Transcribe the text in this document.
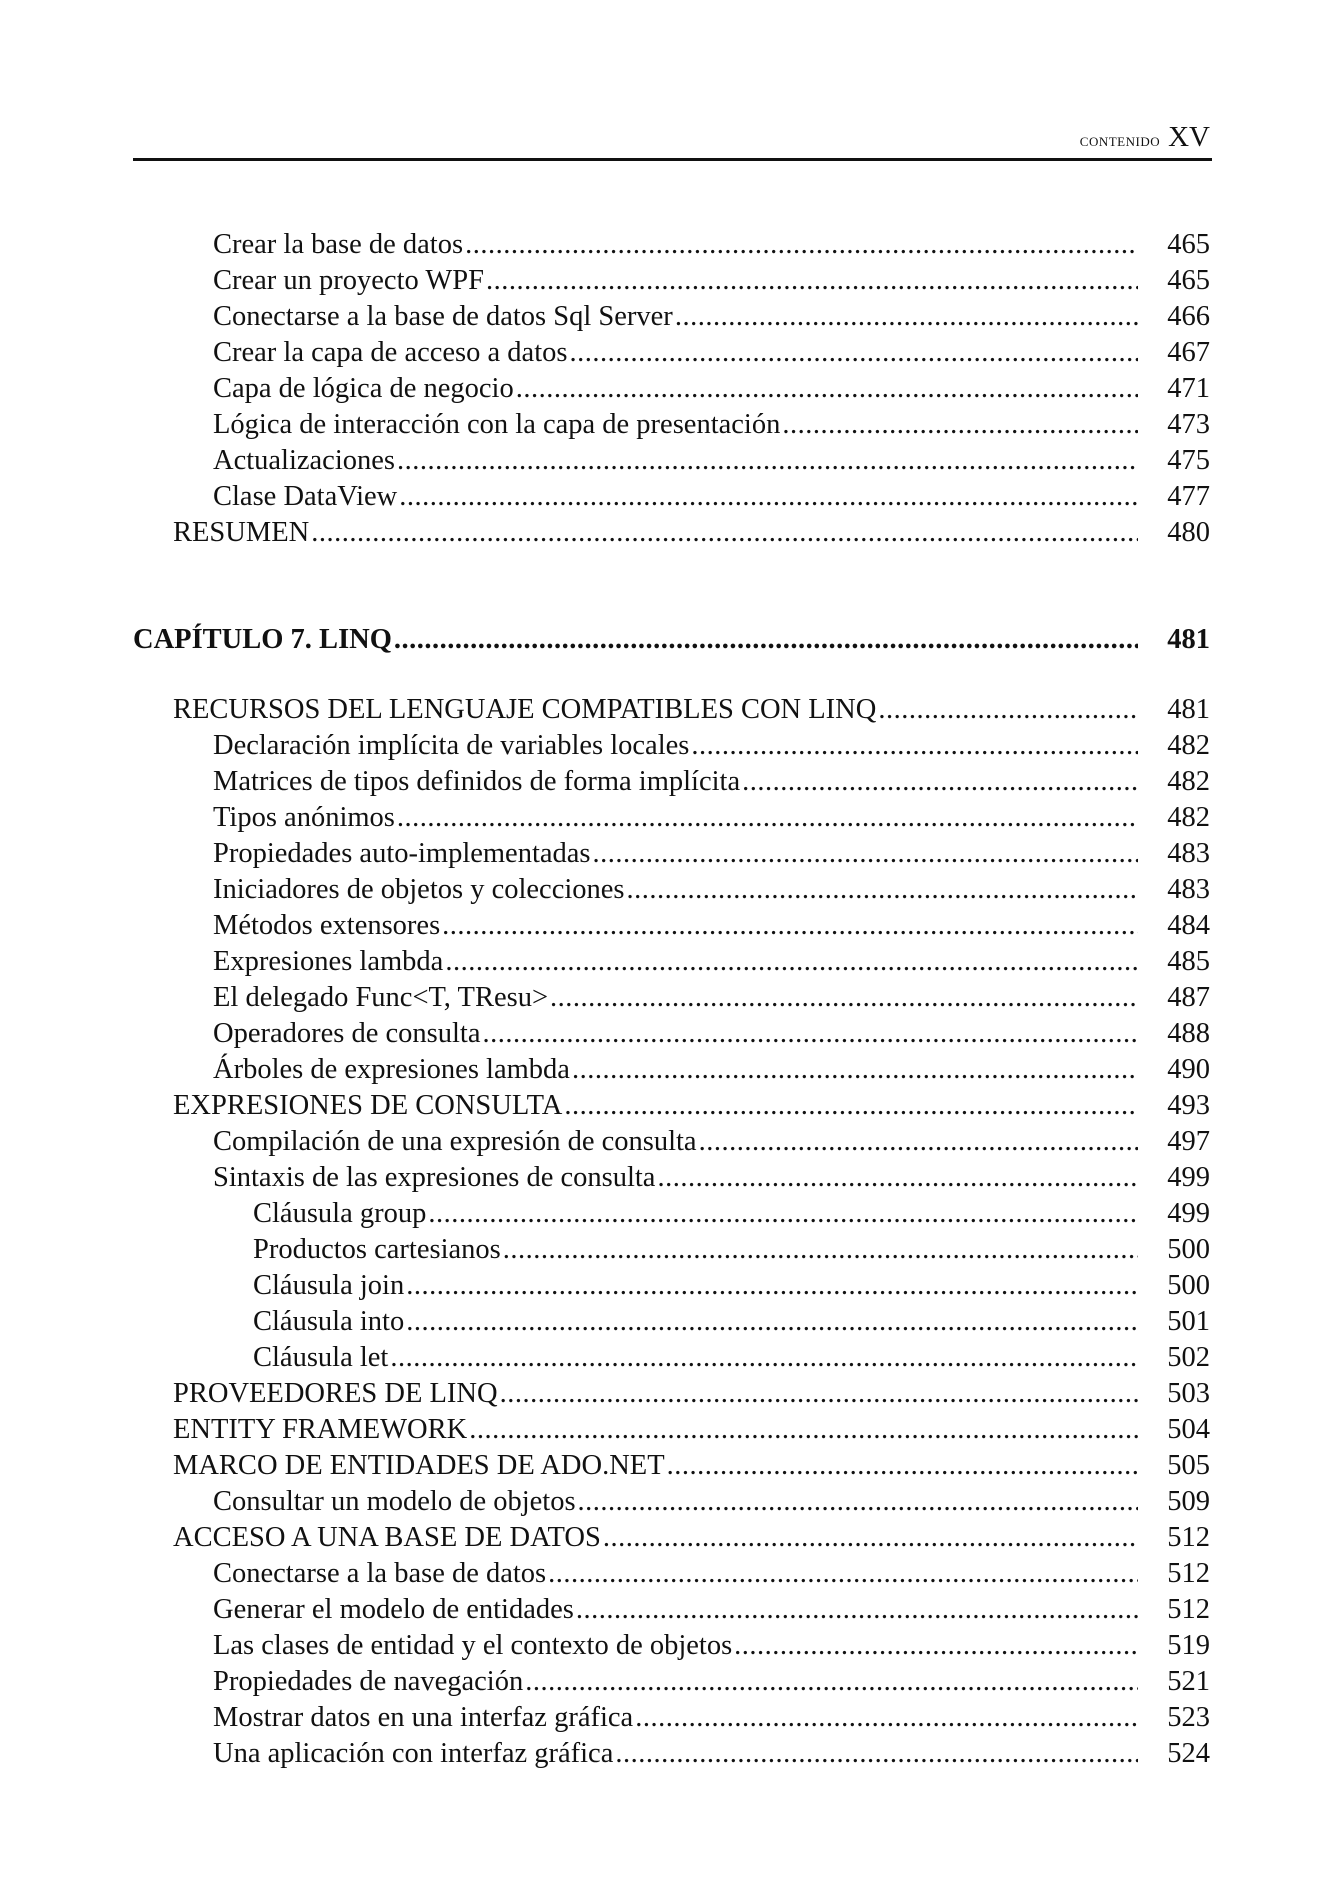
contenido XV
Crear la base de datos .....	465
Crear un proyecto WPF .....	465
Conectarse a la base de datos Sql Server .....	466
Crear la capa de acceso a datos .....	467
Capa de lógica de negocio .....	471
Lógica de interacción con la capa de presentación .....	473
Actualizaciones .....	475
Clase DataView .....	477
RESUMEN .....	480
CAPÍTULO 7. LINQ .....	481
RECURSOS DEL LENGUAJE COMPATIBLES CON LINQ .....	481
Declaración implícita de variables locales .....	482
Matrices de tipos definidos de forma implícita .....	482
Tipos anónimos .....	482
Propiedades auto-implementadas .....	483
Iniciadores de objetos y colecciones .....	483
Métodos extensores .....	484
Expresiones lambda .....	485
El delegado Func<T, TResu> .....	487
Operadores de consulta .....	488
Árboles de expresiones lambda .....	490
EXPRESIONES DE CONSULTA .....	493
Compilación de una expresión de consulta .....	497
Sintaxis de las expresiones de consulta .....	499
Cláusula group .....	499
Productos cartesianos .....	500
Cláusula join .....	500
Cláusula into .....	501
Cláusula let .....	502
PROVEEDORES DE LINQ .....	503
ENTITY FRAMEWORK .....	504
MARCO DE ENTIDADES DE ADO.NET .....	505
Consultar un modelo de objetos .....	509
ACCESO A UNA BASE DE DATOS .....	512
Conectarse a la base de datos .....	512
Generar el modelo de entidades .....	512
Las clases de entidad y el contexto de objetos .....	519
Propiedades de navegación .....	521
Mostrar datos en una interfaz gráfica .....	523
Una aplicación con interfaz gráfica .....	524
